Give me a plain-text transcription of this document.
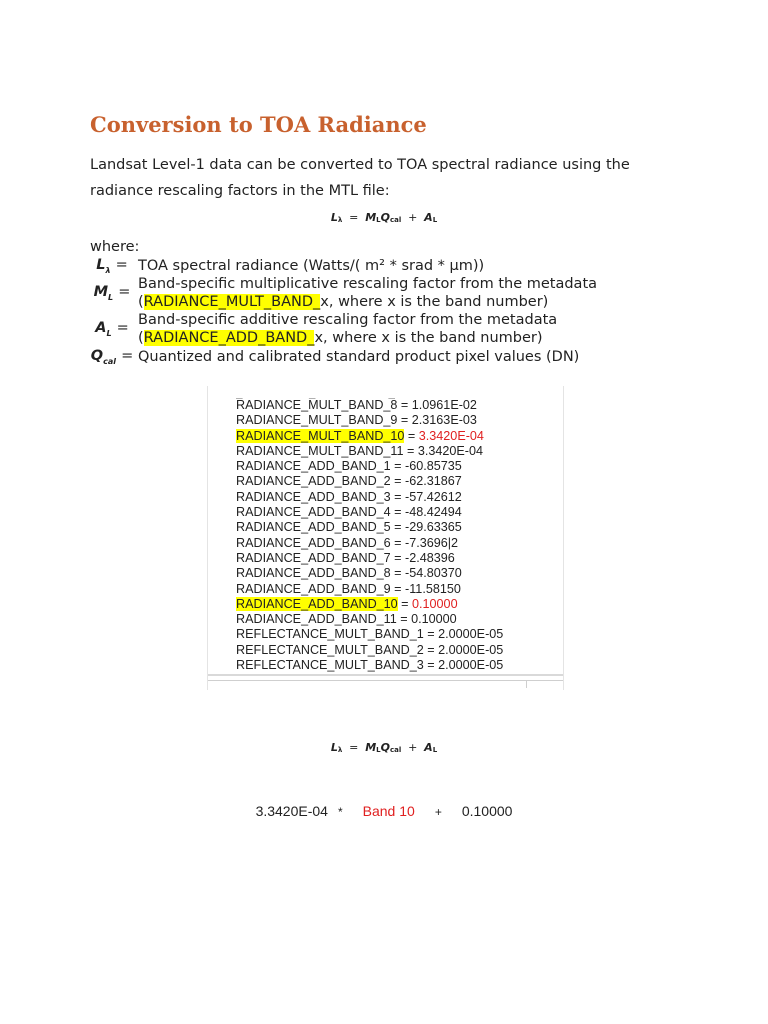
Conversion to TOA Radiance
Landsat Level-1 data can be converted to TOA spectral radiance using the radiance rescaling factors in the MTL file:
$L_\lambda = M_LQ_{cal} + A_L$
where:
$L_\lambda$ = TOA spectral radiance (Watts/( m² * srad * µm))
$M_L$ = Band-specific multiplicative rescaling factor from the metadata
(RADIANCE_MULT_BAND_x, where x is the band number)
$A_L$ = Band-specific additive rescaling factor from the metadata
(RADIANCE_ADD_BAND_x, where x is the band number)
$Q_{cal}$ = Quantized and calibrated standard product pixel values (DN)
_          _           _
RADIANCE_MULT_BAND_8 = 1.0961E-02
RADIANCE_MULT_BAND_9 = 2.3163E-03
RADIANCE_MULT_BAND_10 = 3.3420E-04
RADIANCE_MULT_BAND_11 = 3.3420E-04
RADIANCE_ADD_BAND_1 = -60.85735
RADIANCE_ADD_BAND_2 = -62.31867
RADIANCE_ADD_BAND_3 = -57.42612
RADIANCE_ADD_BAND_4 = -48.42494
RADIANCE_ADD_BAND_5 = -29.63365
RADIANCE_ADD_BAND_6 = -7.3696|2
RADIANCE_ADD_BAND_7 = -2.48396
RADIANCE_ADD_BAND_8 = -54.80370
RADIANCE_ADD_BAND_9 = -11.58150
RADIANCE_ADD_BAND_10 = 0.10000
RADIANCE_ADD_BAND_11 = 0.10000
REFLECTANCE_MULT_BAND_1 = 2.0000E-05
REFLECTANCE_MULT_BAND_2 = 2.0000E-05
REFLECTANCE_MULT_BAND_3 = 2.0000E-05
$L_\lambda = M_LQ_{cal} + A_L$
3.3420E-04 * Band 10 + 0.10000
